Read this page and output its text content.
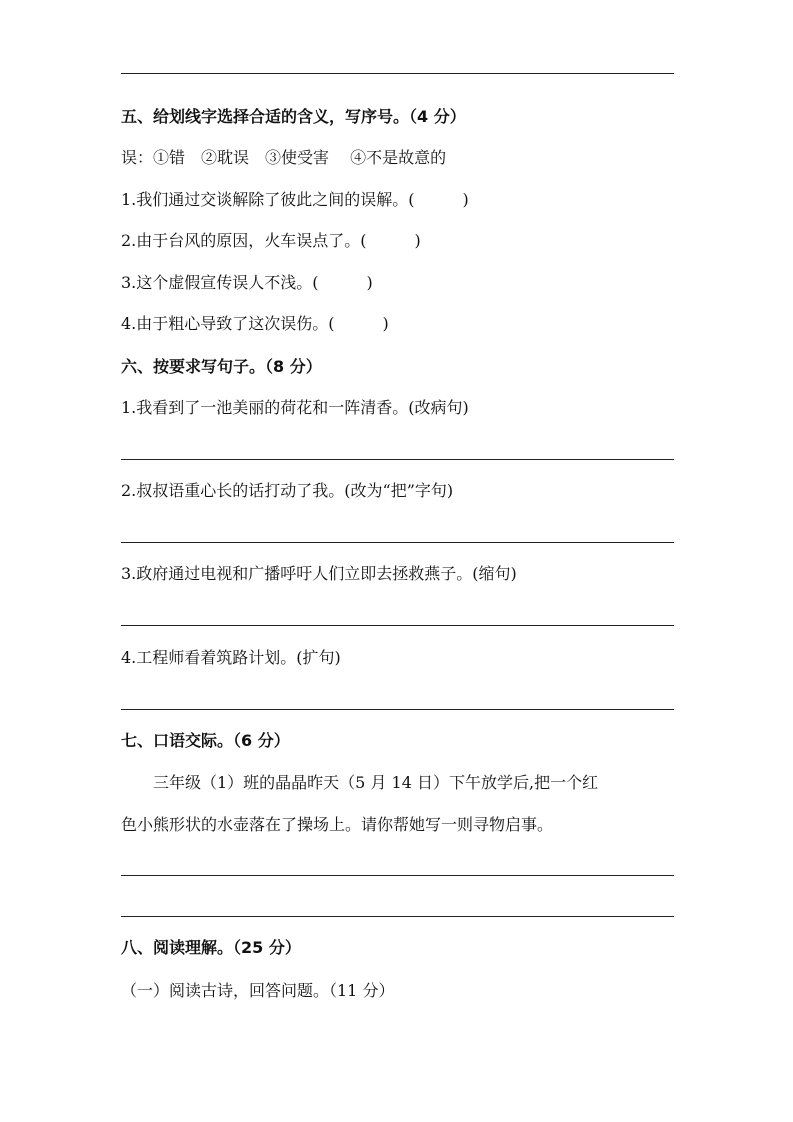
五、给划线字选择合适的含义，写序号。（4 分）
误：①错　②耽误　③使受害　 ④不是故意的
1.我们通过交谈解除了彼此之间的误解。(　　　)
2.由于台风的原因，火车误点了。(　　　)
3.这个虚假宣传误人不浅。(　　　)
4.由于粗心导致了这次误伤。(　　　)
六、按要求写句子。（8 分）
1.我看到了一池美丽的荷花和一阵清香。(改病句)
2.叔叔语重心长的话打动了我。(改为“把”字句)
3.政府通过电视和广播呼吁人们立即去拯救燕子。(缩句)
4.工程师看着筑路计划。(扩句)
七、口语交际。（6 分）
　　三年级（1）班的晶晶昨天（5 月 14 日）下午放学后,把一个红
色小熊形状的水壶落在了操场上。请你帮她写一则寻物启事。
八、阅读理解。（25 分）
（一）阅读古诗，回答问题。（11 分）
